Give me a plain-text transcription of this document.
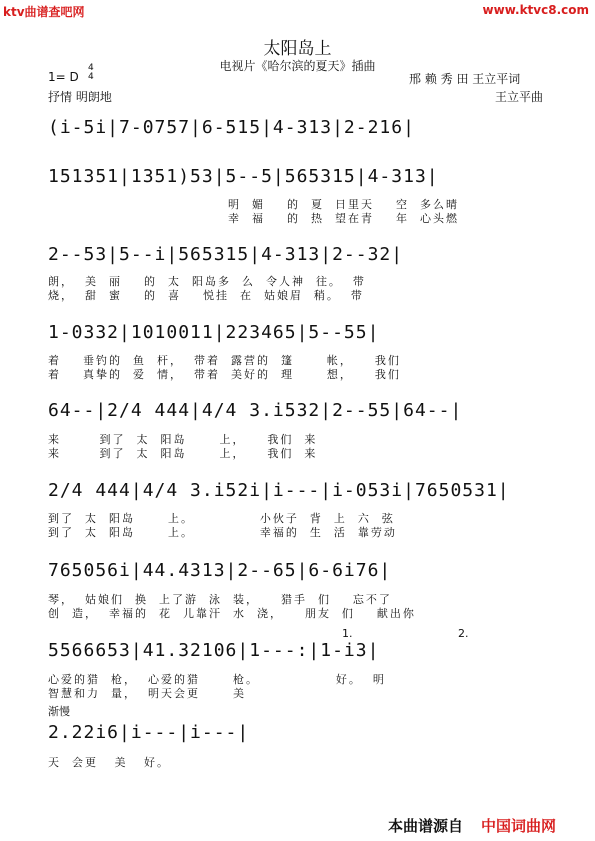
ktv曲谱查吧网	www.ktvc8.com
太阳岛上
电视片《哈尔滨的夏天》插曲
1= D
4
4
抒情 明朗地
邢 赖 秀 田 王立平词
王立平曲
(i-5i|7-0757|6-515|4-313|2-216|
151351|1351)53|5--5|565315|4-313|
明  媚    的  夏  日里天    空  多么晴
幸  福    的  热  望在青    年  心头燃
2--53|5--i|565315|4-313|2--32|
朗，  美  丽    的  太  阳岛多  么  令人神  往。  带
烧，  甜  蜜    的  喜    悦挂  在  姑娘眉  稍。  带
1-0332|1010011|223465|5--55|
着    垂钓的  鱼  杆，  带着  露营的  篷      帐，    我们
着    真挚的  爱  情，  带着  美好的  理      想，    我们
64--|2/4 444|4/4 3.i532|2--55|64--|
来       到了  太  阳岛      上，    我们  来
来       到了  太  阳岛      上，    我们  来
2/4 444|4/4 3.i52i|i---|i-053i|7650531|
到了  太  阳岛      上。            小伙子  背  上  六  弦
到了  太  阳岛      上。            幸福的  生  活  靠劳动
765056i|44.4313|2--65|6-6i76|
琴，  姑娘们  换  上了游  泳  装，    猎手  们    忘不了
创  造，  幸福的  花  儿靠汗  水  浇，    朋友  们    献出你
1.	2.
5566653|41.32106|1---:|1-i3|
心爱的猎  枪，  心爱的猎      枪。              好。  明
智慧和力  量，  明天会更      美
渐慢
2.22i6|i---|i---|
天  会更   美   好。
本曲谱源自 中国词曲网
